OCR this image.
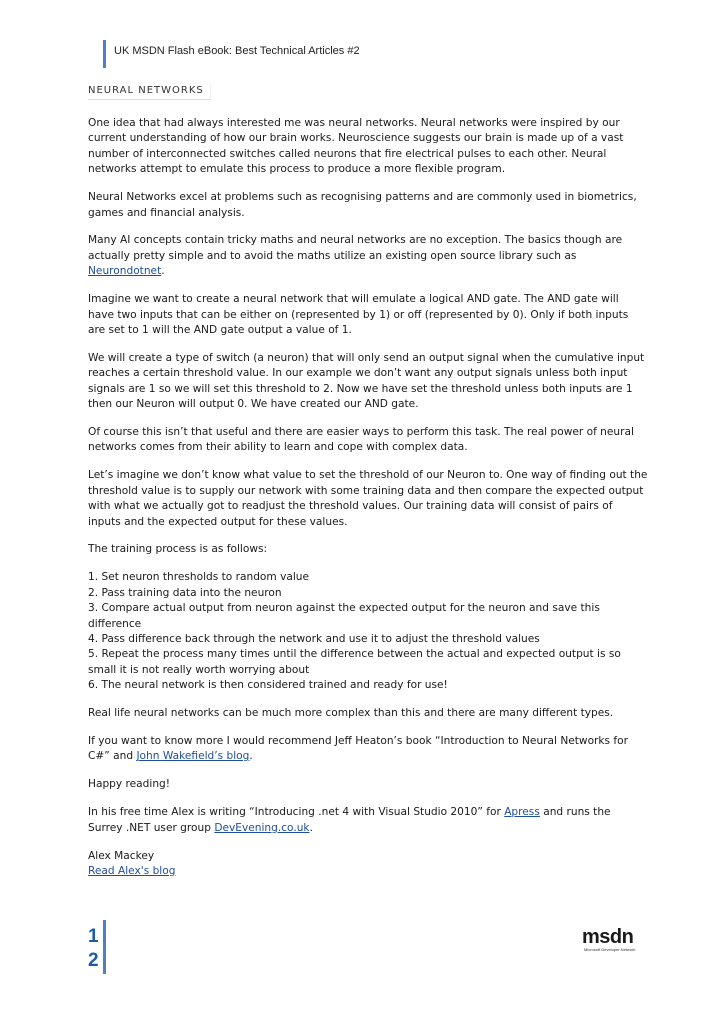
UK MSDN Flash eBook: Best Technical Articles #2
NEURAL NETWORKS

One idea that had always interested me was neural networks. Neural networks were inspired by our current understanding of how our brain works. Neuroscience suggests our brain is made up of a vast number of interconnected switches called neurons that fire electrical pulses to each other. Neural networks attempt to emulate this process to produce a more flexible program.

Neural Networks excel at problems such as recognising patterns and are commonly used in biometrics, games and financial analysis.

Many AI concepts contain tricky maths and neural networks are no exception. The basics though are actually pretty simple and to avoid the maths utilize an existing open source library such as Neurondotnet.

Imagine we want to create a neural network that will emulate a logical AND gate. The AND gate will have two inputs that can be either on (represented by 1) or off (represented by 0). Only if both inputs are set to 1 will the AND gate output a value of 1.

We will create a type of switch (a neuron) that will only send an output signal when the cumulative input reaches a certain threshold value. In our example we don’t want any output signals unless both input signals are 1 so we will set this threshold to 2. Now we have set the threshold unless both inputs are 1 then our Neuron will output 0. We have created our AND gate.

Of course this isn’t that useful and there are easier ways to perform this task. The real power of neural networks comes from their ability to learn and cope with complex data.

Let’s imagine we don’t know what value to set the threshold of our Neuron to. One way of finding out the threshold value is to supply our network with some training data and then compare the expected output with what we actually got to readjust the threshold values. Our training data will consist of pairs of inputs and the expected output for these values.

The training process is as follows:

1. Set neuron thresholds to random value
2. Pass training data into the neuron
3. Compare actual output from neuron against the expected output for the neuron and save this difference
4. Pass difference back through the network and use it to adjust the threshold values
5. Repeat the process many times until the difference between the actual and expected output is so small it is not really worth worrying about
6. The neural network is then considered trained and ready for use!

Real life neural networks can be much more complex than this and there are many different types.

If you want to know more I would recommend Jeff Heaton’s book “Introduction to Neural Networks for C#” and John Wakefield’s blog.

Happy reading!

In his free time Alex is writing “Introducing .net 4 with Visual Studio 2010” for Apress and runs the Surrey .NET user group DevEvening.co.uk.

Alex Mackey
Read Alex's blog
1
2
msdn
Microsoft Developer Network
